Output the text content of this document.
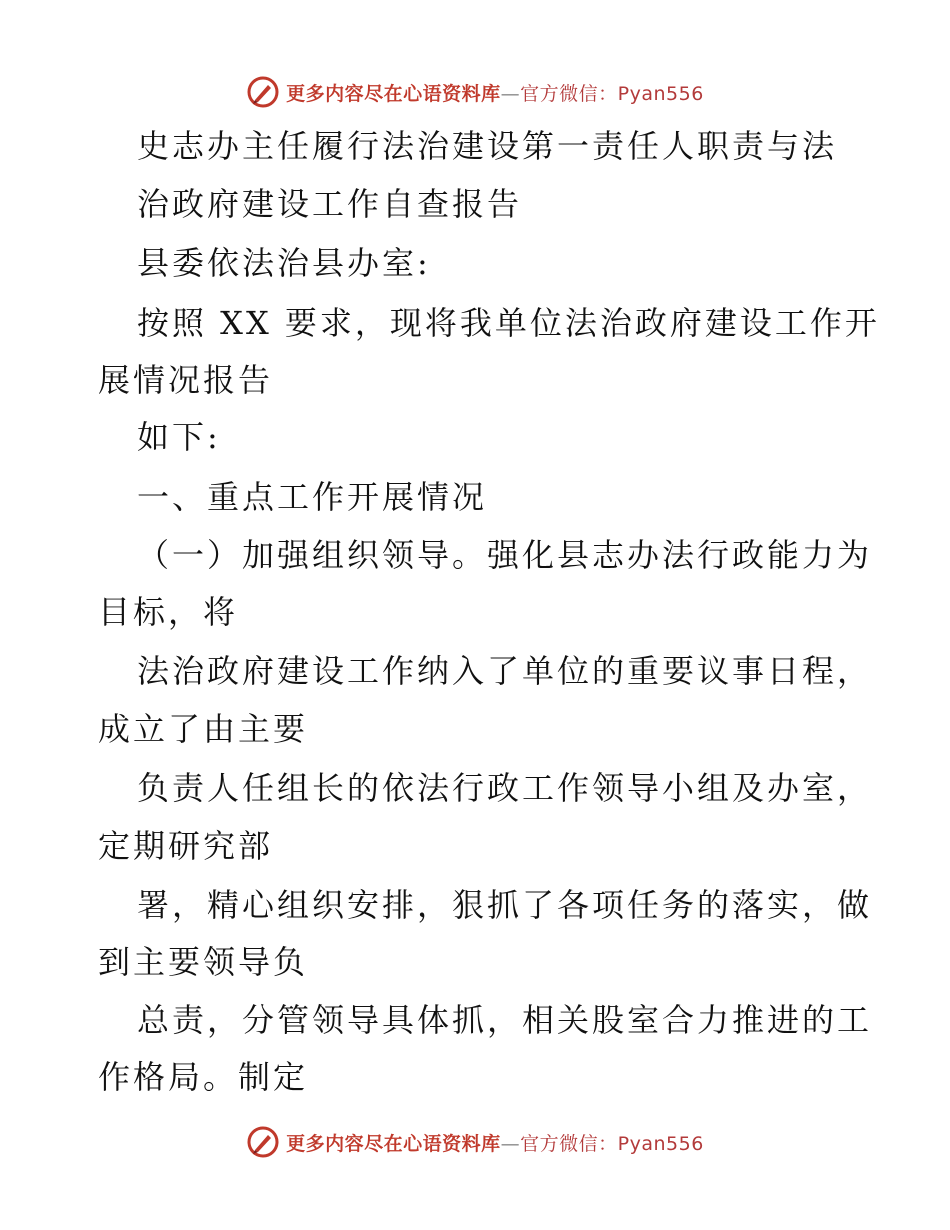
更多内容尽在心语资料库—官方微信：Pyan556
史志办主任履行法治建设第一责任人职责与法
治政府建设工作自查报告
县委依法治县办室:
按照 XX 要求，现将我单位法治政府建设工作开
展情况报告
如下:
一、重点工作开展情况
（一）加强组织领导。强化县志办法行政能力为
目标，将
法治政府建设工作纳入了单位的重要议事日程，
成立了由主要
负责人任组长的依法行政工作领导小组及办室，
定期研究部
署，精心组织安排，狠抓了各项任务的落实，做
到主要领导负
总责，分管领导具体抓，相关股室合力推进的工
作格局。制定
更多内容尽在心语资料库—官方微信：Pyan556
